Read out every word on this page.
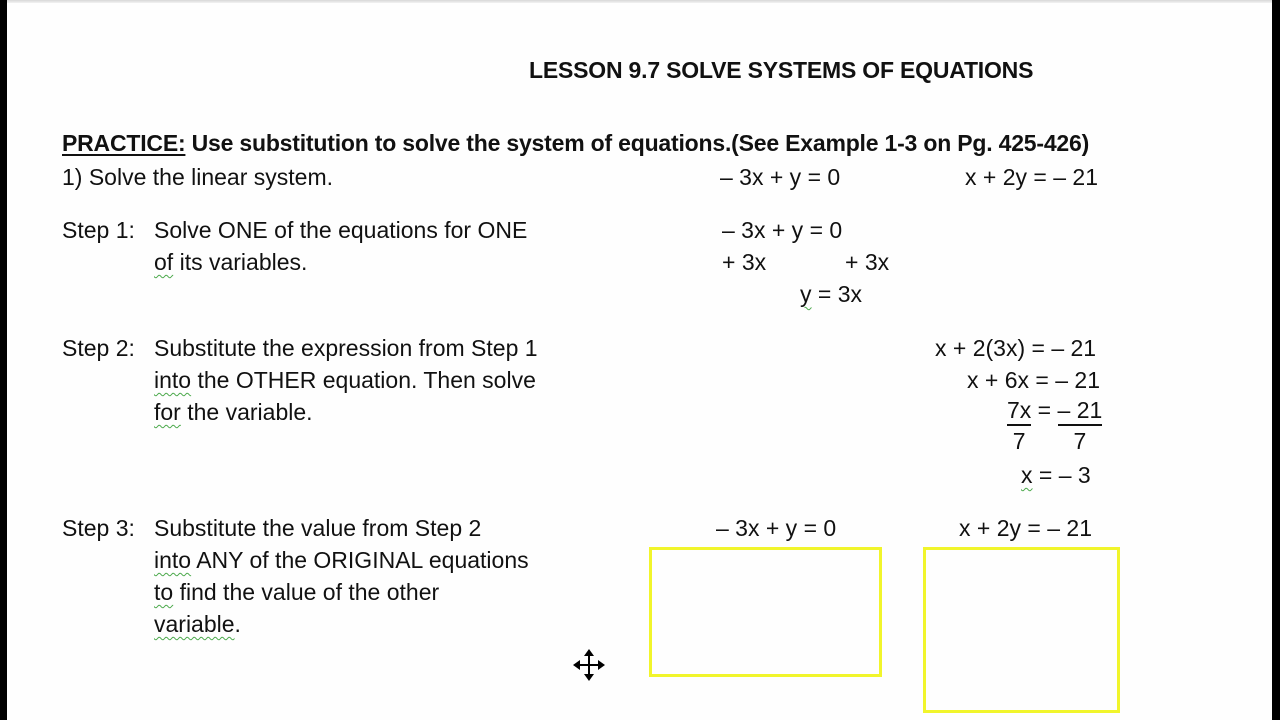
LESSON 9.7 SOLVE SYSTEMS OF EQUATIONS
PRACTICE: Use substitution to solve the system of equations.(See Example 1-3 on Pg. 425-426)
1) Solve the linear system.	– 3x + y = 0	x + 2y = – 21
Step 1: Solve ONE of the equations for ONE
of its variables.
– 3x + y = 0
+ 3x	+ 3x
y = 3x
Step 2: Substitute the expression from Step 1
into the OTHER equation. Then solve
for the variable.
x + 2(3x) = – 21
x + 6x = – 21
$\frac{7x}{7} = \frac{- 21}{7}$
x = – 3
Step 3: Substitute the value from Step 2
into ANY of the ORIGINAL equations
to find the value of the other
variable.
– 3x + y = 0	x + 2y = – 21
